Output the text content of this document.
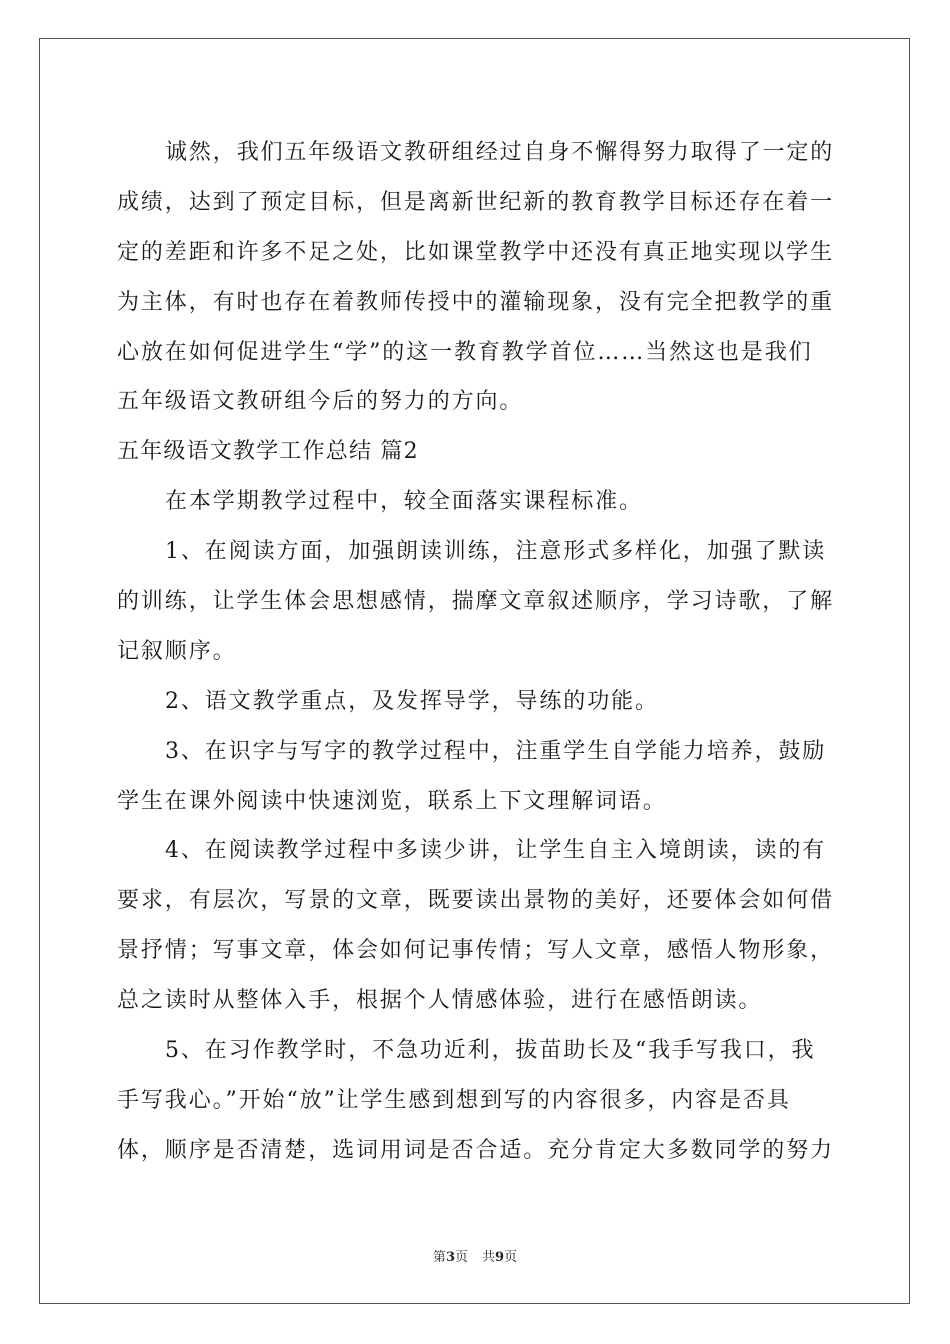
诚然，我们五年级语文教研组经过自身不懈得努力取得了一定的
成绩，达到了预定目标，但是离新世纪新的教育教学目标还存在着一
定的差距和许多不足之处，比如课堂教学中还没有真正地实现以学生
为主体，有时也存在着教师传授中的灌输现象，没有完全把教学的重
心放在如何促进学生“学”的这一教育教学首位……当然这也是我们
五年级语文教研组今后的努力的方向。
五年级语文教学工作总结 篇2
在本学期教学过程中，较全面落实课程标准。
1、在阅读方面，加强朗读训练，注意形式多样化，加强了默读
的训练，让学生体会思想感情，揣摩文章叙述顺序，学习诗歌，了解
记叙顺序。
2、语文教学重点，及发挥导学，导练的功能。
3、在识字与写字的教学过程中，注重学生自学能力培养，鼓励
学生在课外阅读中快速浏览，联系上下文理解词语。
4、在阅读教学过程中多读少讲，让学生自主入境朗读，读的有
要求，有层次，写景的文章，既要读出景物的美好，还要体会如何借
景抒情；写事文章，体会如何记事传情；写人文章，感悟人物形象，
总之读时从整体入手，根据个人情感体验，进行在感悟朗读。
5、在习作教学时，不急功近利，拔苗助长及“我手写我口，我
手写我心。”开始“放”让学生感到想到写的内容很多，内容是否具
体，顺序是否清楚，选词用词是否合适。充分肯定大多数同学的努力
第3页 共9页
